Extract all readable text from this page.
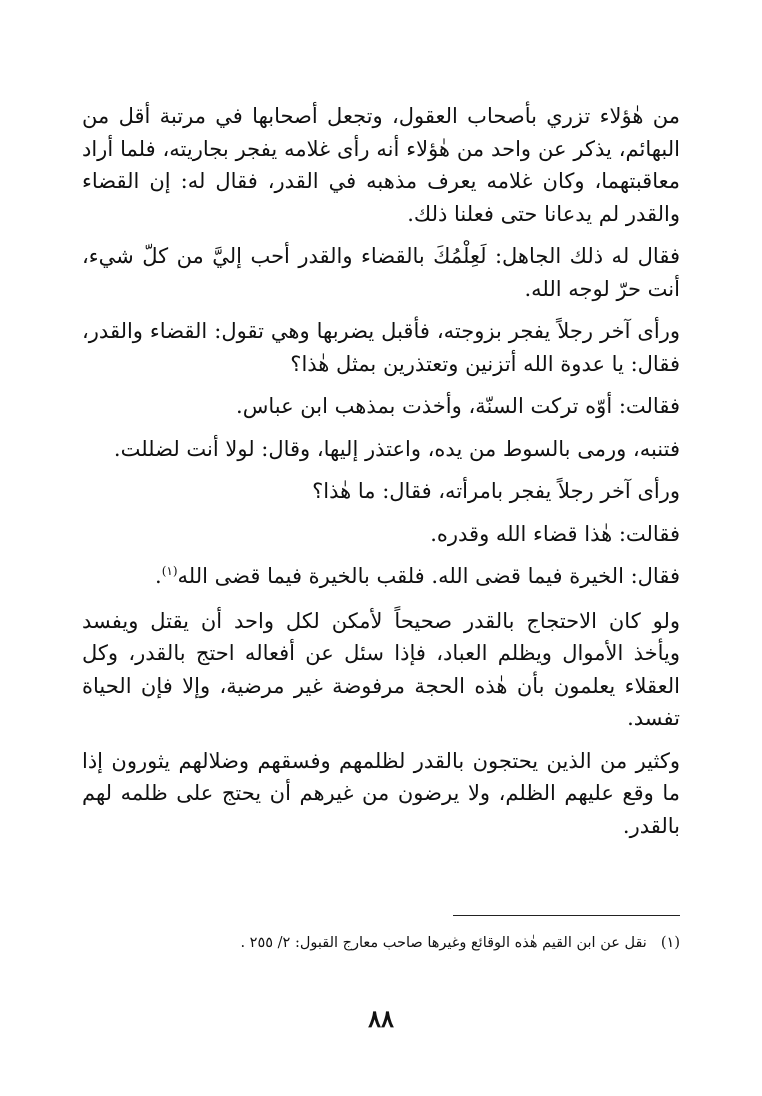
من هٰؤلاء تزري بأصحاب العقول، وتجعل أصحابها في مرتبة أقل من البهائم، يذكر عن واحد من هٰؤلاء أنه رأى غلامه يفجر بجاريته، فلما أراد معاقبتهما، وكان غلامه يعرف مذهبه في القدر، فقال له: إن القضاء والقدر لم يدعانا حتى فعلنا ذلك.

فقال له ذلك الجاهل: لَعِلْمُكَ بالقضاء والقدر أحب إليَّ من كلّ شيء، أنت حرّ لوجه الله.

ورأى آخر رجلاً يفجر بزوجته، فأقبل يضربها وهي تقول: القضاء والقدر، فقال: يا عدوة الله أتزنين وتعتذرين بمثل هٰذا؟

فقالت: أوّه تركت السنّة، وأخذت بمذهب ابن عباس.

فتنبه، ورمى بالسوط من يده، واعتذر إليها، وقال: لولا أنت لضللت.

ورأى آخر رجلاً يفجر بامرأته، فقال: ما هٰذا؟

فقالت: هٰذا قضاء الله وقدره.

فقال: الخيرة فيما قضى الله. فلقب بالخيرة فيما قضى الله$^{(١)}$.

ولو كان الاحتجاج بالقدر صحيحاً لأمكن لكل واحد أن يقتل ويفسد ويأخذ الأموال ويظلم العباد، فإذا سئل عن أفعاله احتج بالقدر، وكل العقلاء يعلمون بأن هٰذه الحجة مرفوضة غير مرضية، وإلا فإن الحياة تفسد.

وكثير من الذين يحتجون بالقدر لظلمهم وفسقهم وضلالهم يثورون إذا ما وقع عليهم الظلم، ولا يرضون من غيرهم أن يحتج على ظلمه لهم بالقدر.

(١)نقل عن ابن القيم هٰذه الوقائع وغيرها صاحب معارج القبول: ٢/ ٢٥٥ .
٨٨
